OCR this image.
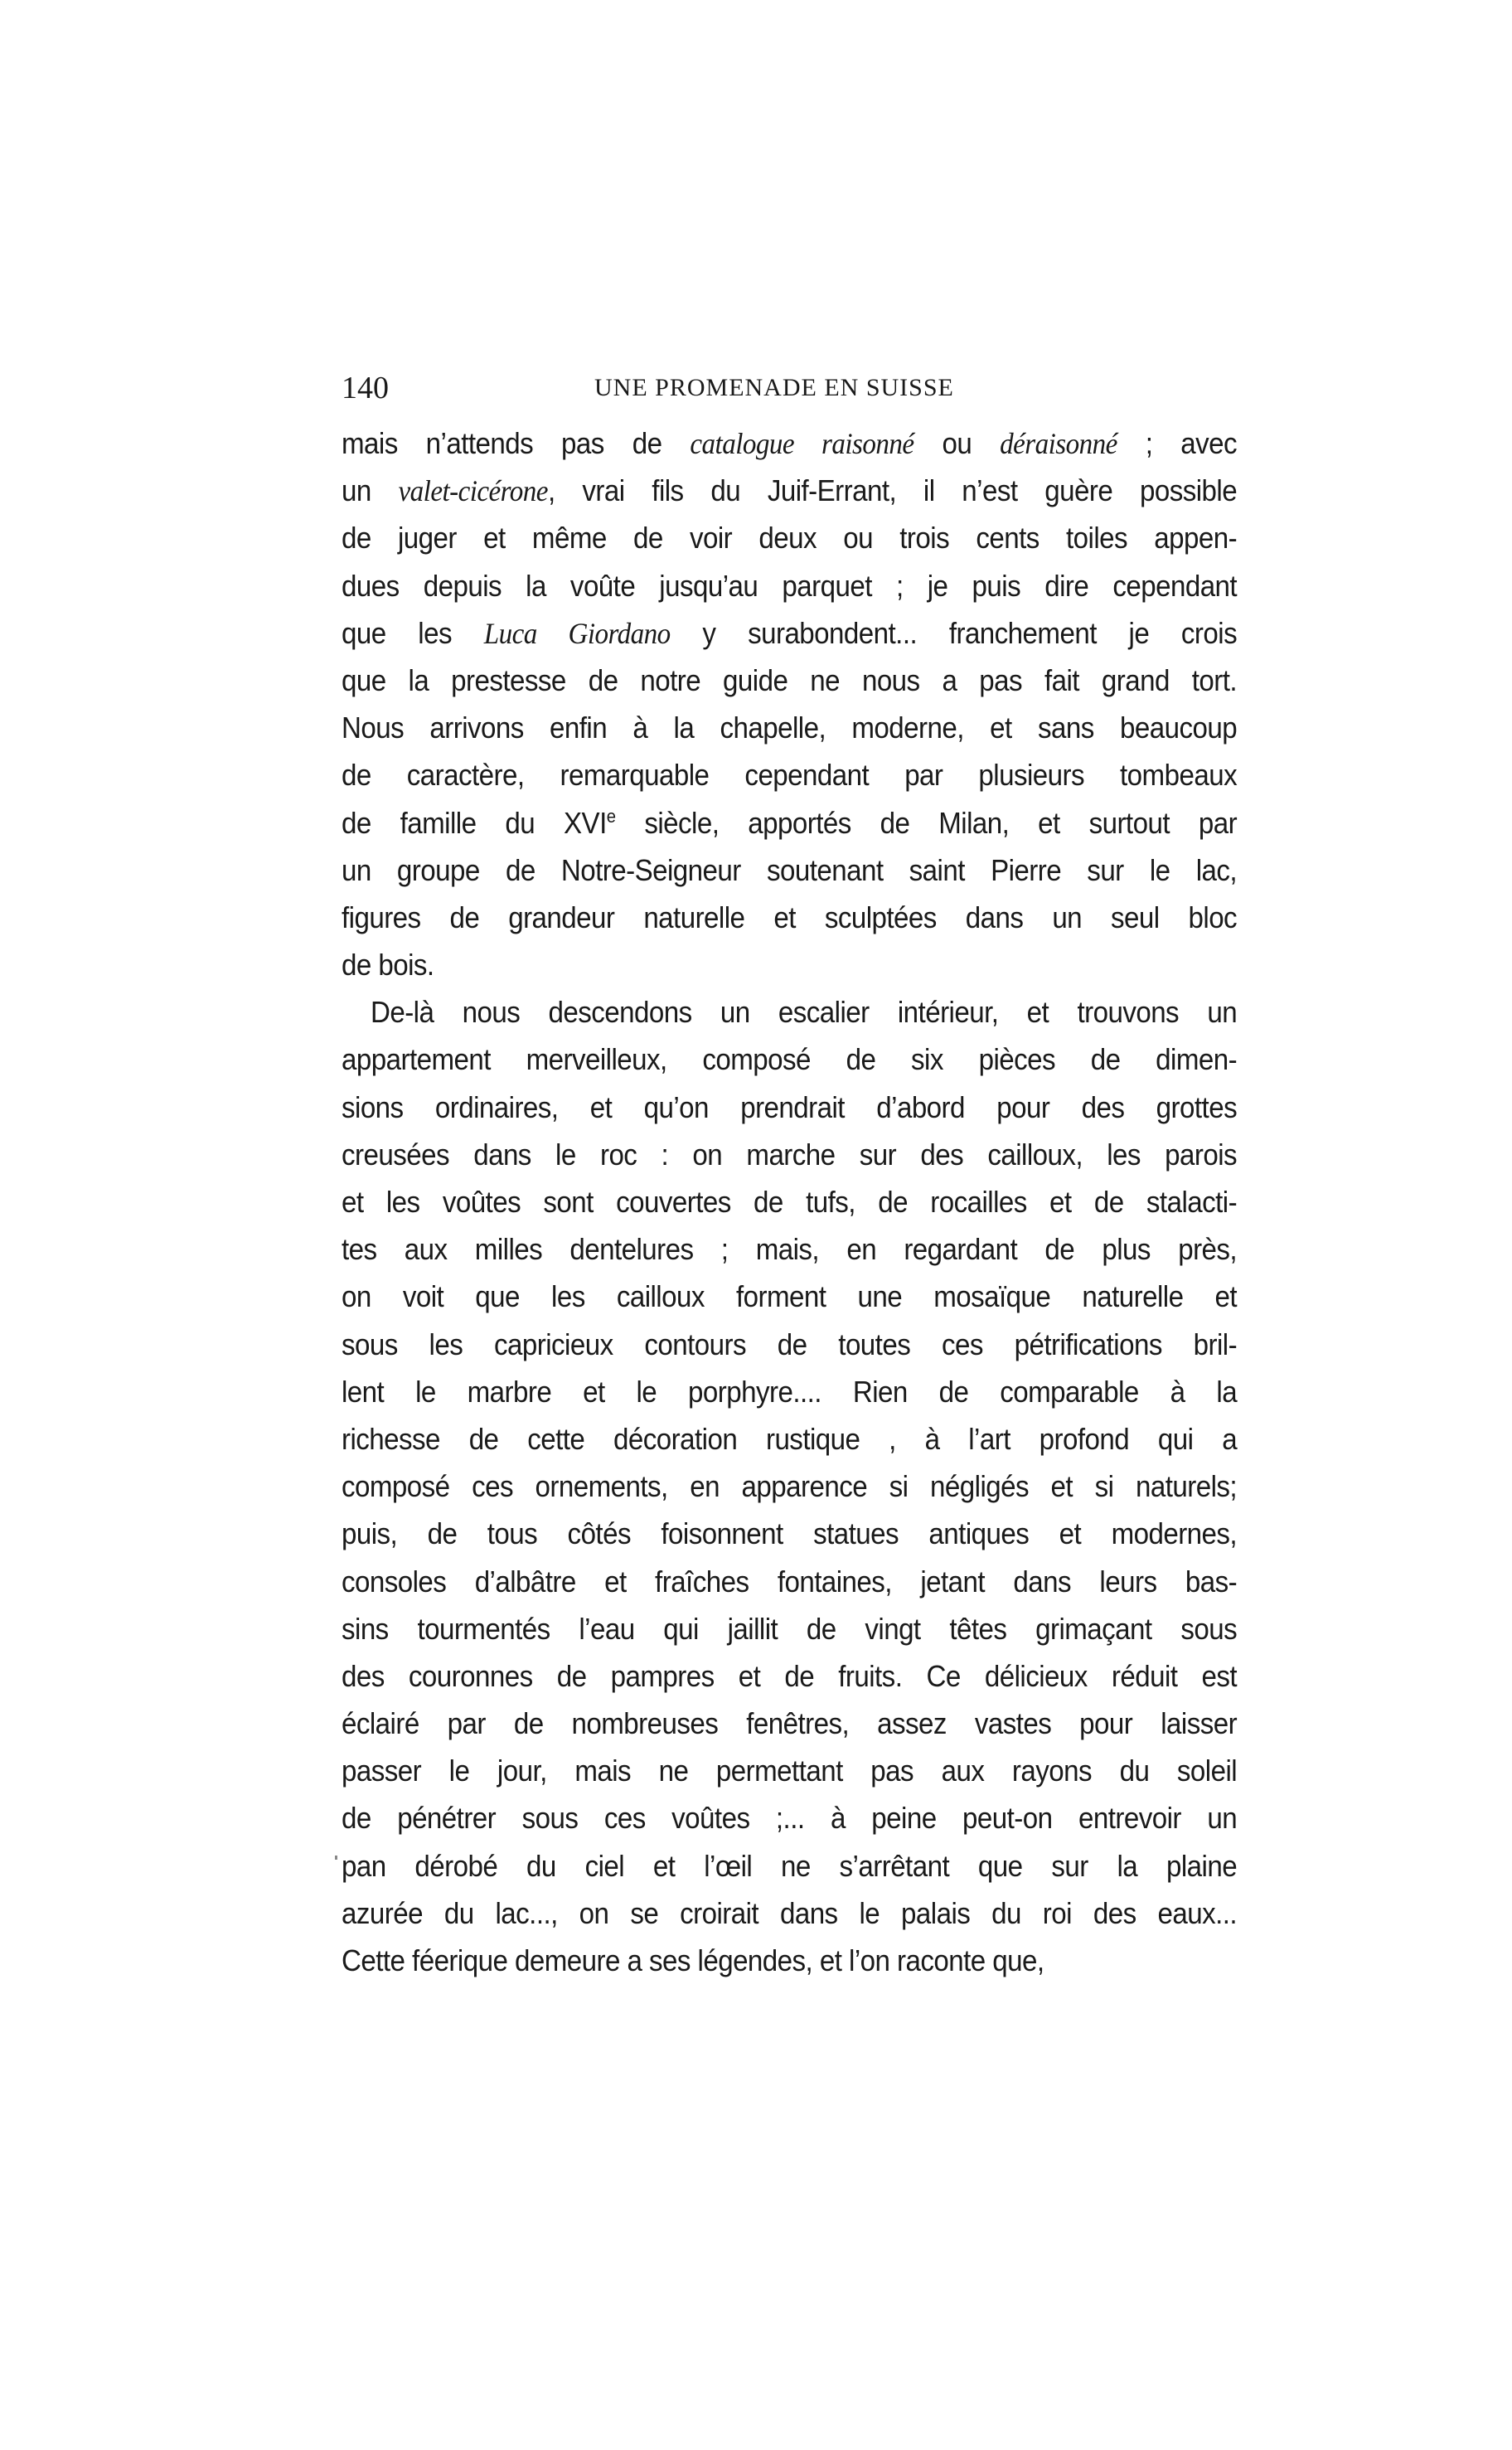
140	UNE PROMENADE EN SUISSE
mais n’attends pas de catalogue raisonné ou déraisonné ; avec
un valet-cicérone, vrai fils du Juif-Errant, il n’est guère possible
de juger et même de voir deux ou trois cents toiles appen-
dues depuis la voûte jusqu’au parquet ; je puis dire cependant
que les Luca Giordano y surabondent... franchement je crois
que la prestesse de notre guide ne nous a pas fait grand tort.
Nous arrivons enfin à la chapelle, moderne, et sans beaucoup
de caractère, remarquable cependant par plusieurs tombeaux
de famille du XVIe siècle, apportés de Milan, et surtout par
un groupe de Notre-Seigneur soutenant saint Pierre sur le lac,
figures de grandeur naturelle et sculptées dans un seul bloc
de bois.
De-là nous descendons un escalier intérieur, et trouvons un
appartement merveilleux, composé de six pièces de dimen-
sions ordinaires, et qu’on prendrait d’abord pour des grottes
creusées dans le roc : on marche sur des cailloux, les parois
et les voûtes sont couvertes de tufs, de rocailles et de stalacti-
tes aux milles dentelures ; mais, en regardant de plus près,
on voit que les cailloux forment une mosaïque naturelle et
sous les capricieux contours de toutes ces pétrifications bril-
lent le marbre et le porphyre.... Rien de comparable à la
richesse de cette décoration rustique , à l’art profond qui a
composé ces ornements, en apparence si négligés et si naturels;
puis, de tous côtés foisonnent statues antiques et modernes,
consoles d’albâtre et fraîches fontaines, jetant dans leurs bas-
sins tourmentés l’eau qui jaillit de vingt têtes grimaçant sous
des couronnes de pampres et de fruits. Ce délicieux réduit est
éclairé par de nombreuses fenêtres, assez vastes pour laisser
passer le jour, mais ne permettant pas aux rayons du soleil
de pénétrer sous ces voûtes ;... à peine peut-on entrevoir un
pan dérobé du ciel et l’œil ne s’arrêtant que sur la plaine
azurée du lac..., on se croirait dans le palais du roi des eaux...
Cette féerique demeure a ses légendes, et l’on raconte que,
